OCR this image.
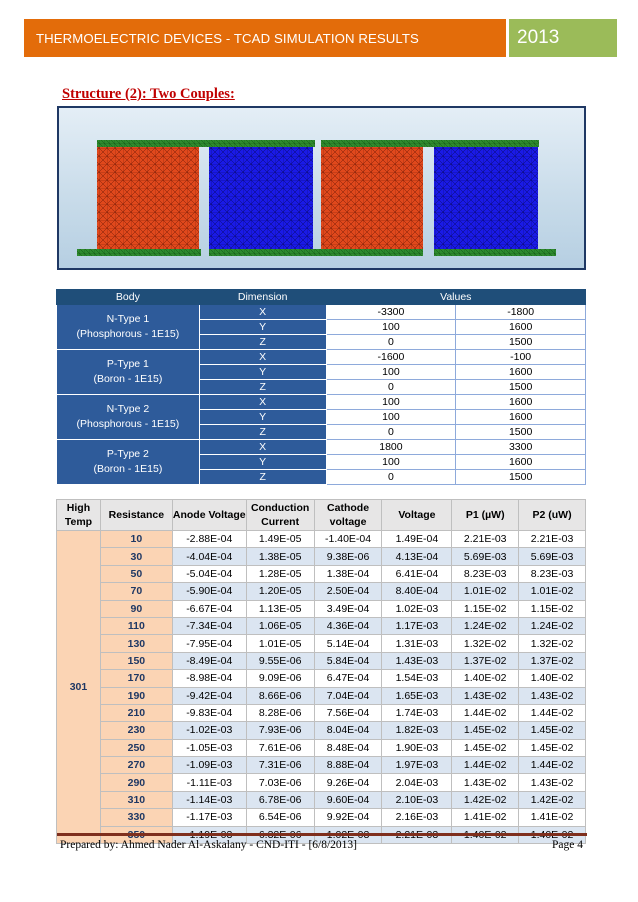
THERMOELECTRIC DEVICES - TCAD SIMULATION RESULTS	2013
Structure (2): Two Couples:
Body	Dimension	Values	

N-Type 1
(Phosphorous - 1E15)	X	-3300	-1800
	Y	100	1600
	Z	0	1500

P-Type 1
(Boron - 1E15)	X	-1600	-100
	Y	100	1600
	Z	0	1500

N-Type 2
(Phosphorous - 1E15)	X	100	1600
	Y	100	1600
	Z	0	1500

P-Type 2
(Boron - 1E15)	X	1800	3300
	Y	100	1600
	Z	0	1500
High Temp	Resistance	Anode Voltage	Conduction Current	Cathode voltage	Voltage	P1 (µW)	P2 (uW)
301	10	-2.88E-04	1.49E-05	-1.40E-04	1.49E-04	2.21E-03	2.21E-03
	30	-4.04E-04	1.38E-05	9.38E-06	4.13E-04	5.69E-03	5.69E-03
	50	-5.04E-04	1.28E-05	1.38E-04	6.41E-04	8.23E-03	8.23E-03
	70	-5.90E-04	1.20E-05	2.50E-04	8.40E-04	1.01E-02	1.01E-02
	90	-6.67E-04	1.13E-05	3.49E-04	1.02E-03	1.15E-02	1.15E-02
	110	-7.34E-04	1.06E-05	4.36E-04	1.17E-03	1.24E-02	1.24E-02
	130	-7.95E-04	1.01E-05	5.14E-04	1.31E-03	1.32E-02	1.32E-02
	150	-8.49E-04	9.55E-06	5.84E-04	1.43E-03	1.37E-02	1.37E-02
	170	-8.98E-04	9.09E-06	6.47E-04	1.54E-03	1.40E-02	1.40E-02
	190	-9.42E-04	8.66E-06	7.04E-04	1.65E-03	1.43E-02	1.43E-02
	210	-9.83E-04	8.28E-06	7.56E-04	1.74E-03	1.44E-02	1.44E-02
	230	-1.02E-03	7.93E-06	8.04E-04	1.82E-03	1.45E-02	1.45E-02
	250	-1.05E-03	7.61E-06	8.48E-04	1.90E-03	1.45E-02	1.45E-02
	270	-1.09E-03	7.31E-06	8.88E-04	1.97E-03	1.44E-02	1.44E-02
	290	-1.11E-03	7.03E-06	9.26E-04	2.04E-03	1.43E-02	1.43E-02
	310	-1.14E-03	6.78E-06	9.60E-04	2.10E-03	1.42E-02	1.42E-02
	330	-1.17E-03	6.54E-06	9.92E-04	2.16E-03	1.41E-02	1.41E-02

Prepared by: Ahmed Nader Al-Askalany - CND-ITI - [6/8/2013]	Page 4
